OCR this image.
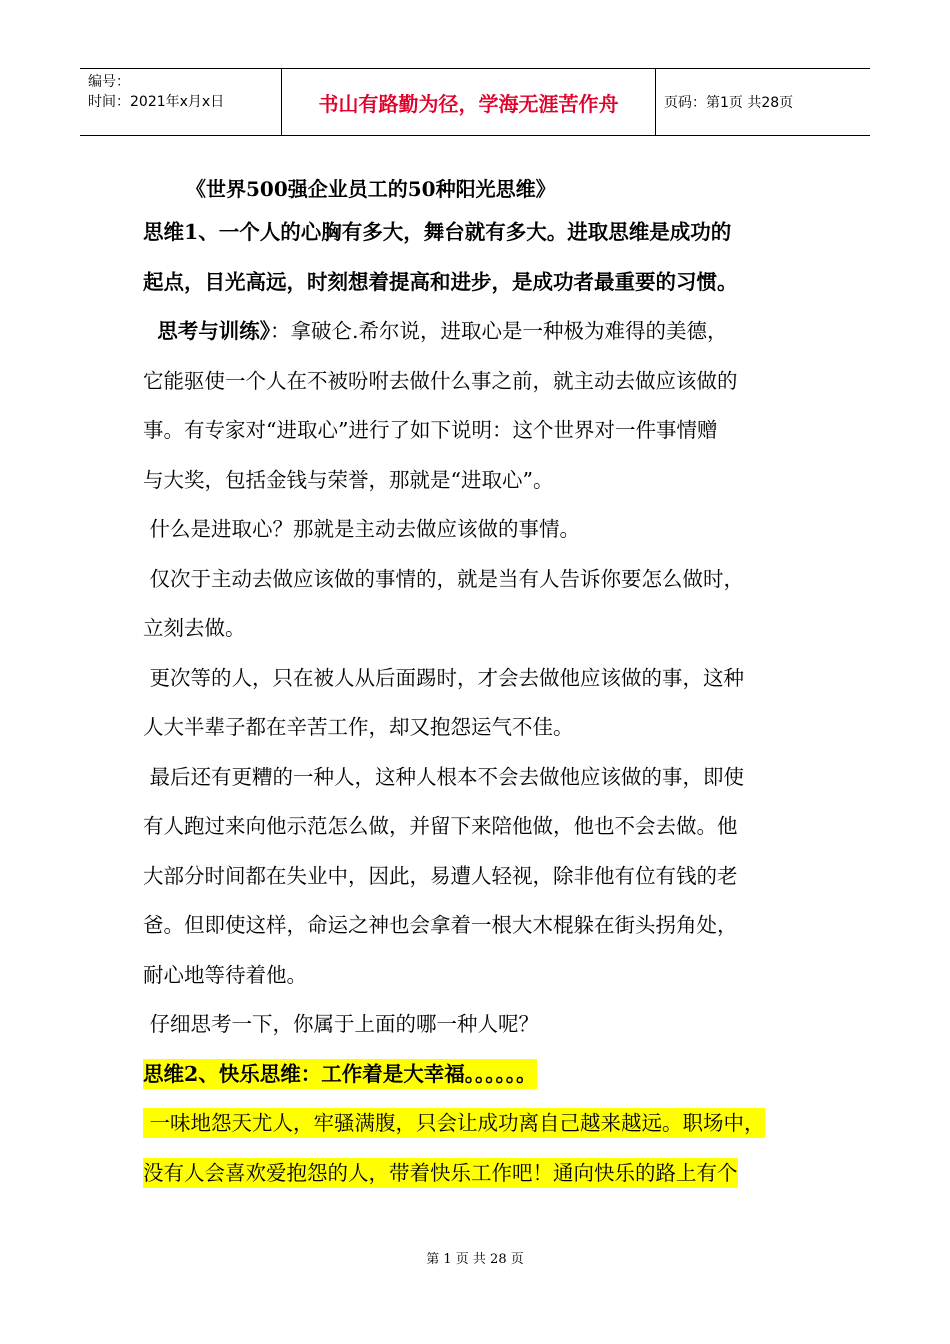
编号：
时间：2021年x月x日	书山有路勤为径，学海无涯苦作舟	页码：第1页 共28页
《世界500强企业员工的50种阳光思维》
思维1、一个人的心胸有多大，舞台就有多大。进取思维是成功的
起点，目光高远，时刻想着提高和进步，是成功者最重要的习惯。
思考与训练》：拿破仑.希尔说，进取心是一种极为难得的美德，
它能驱使一个人在不被吩咐去做什么事之前，就主动去做应该做的
事。有专家对“进取心”进行了如下说明：这个世界对一件事情赠
与大奖，包括金钱与荣誉，那就是“进取心”。
什么是进取心？那就是主动去做应该做的事情。
仅次于主动去做应该做的事情的，就是当有人告诉你要怎么做时，
立刻去做。
更次等的人，只在被人从后面踢时，才会去做他应该做的事，这种
人大半辈子都在辛苦工作，却又抱怨运气不佳。
最后还有更糟的一种人，这种人根本不会去做他应该做的事，即使
有人跑过来向他示范怎么做，并留下来陪他做，他也不会去做。他
大部分时间都在失业中，因此，易遭人轻视，除非他有位有钱的老
爸。但即使这样，命运之神也会拿着一根大木棍躲在街头拐角处，
耐心地等待着他。
仔细思考一下，你属于上面的哪一种人呢？
思维2、快乐思维：工作着是大幸福。。。。。。
一味地怨天尤人，牢骚满腹，只会让成功离自己越来越远。职场中，
没有人会喜欢爱抱怨的人，带着快乐工作吧！通向快乐的路上有个
第 1 页 共 28 页
